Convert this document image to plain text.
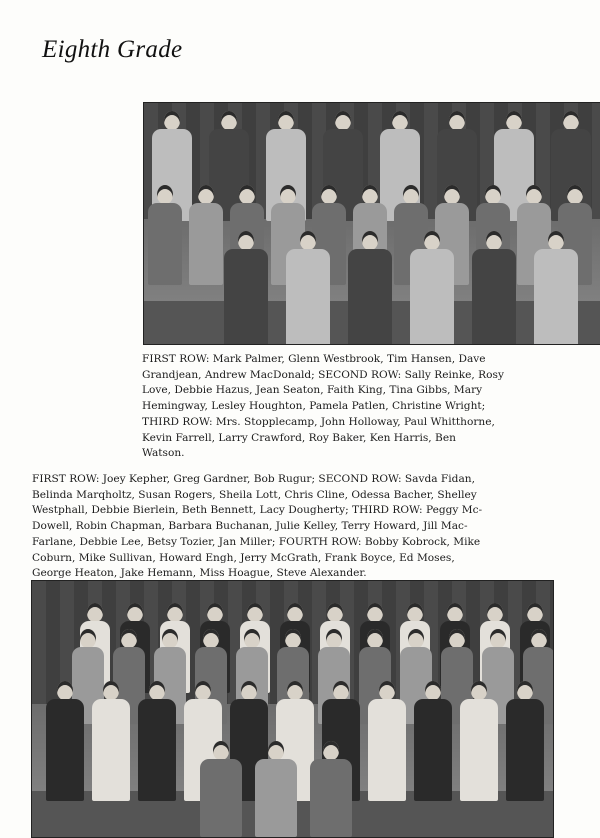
Eighth Grade
FIRST ROW: Mark Palmer, Glenn Westbrook, Tim Hansen, Dave
Grandjean, Andrew MacDonald; SECOND ROW: Sally Reinke, Rosy
Love, Debbie Hazus, Jean Seaton, Faith King, Tina Gibbs, Mary
Hemingway, Lesley Houghton, Pamela Patlen, Christine Wright;
THIRD ROW: Mrs. Stopplecamp, John Holloway, Paul Whitthorne,
Kevin Farrell, Larry Crawford, Roy Baker, Ken Harris, Ben
Watson.
FIRST ROW: Joey Kepher, Greg Gardner, Bob Rugur; SECOND ROW: Savda Fidan,
Belinda Marqholtz, Susan Rogers, Sheila Lott, Chris Cline, Odessa Bacher, Shelley
Westphall, Debbie Bierlein, Beth Bennett, Lacy Dougherty; THIRD ROW: Peggy Mc-
Dowell, Robin Chapman, Barbara Buchanan, Julie Kelley, Terry Howard, Jill Mac-
Farlane, Debbie Lee, Betsy Tozier, Jan Miller; FOURTH ROW: Bobby Kobrock, Mike
Coburn, Mike Sullivan, Howard Engh, Jerry McGrath, Frank Boyce, Ed Moses,
George Heaton, Jake Hemann, Miss Hoague, Steve Alexander.
